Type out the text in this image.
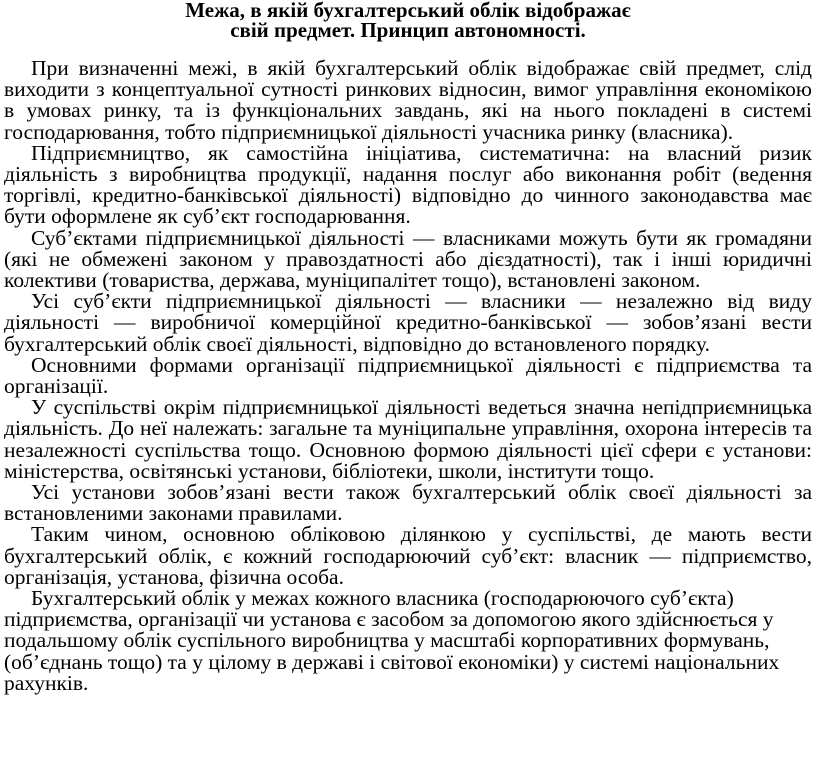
Межа, в якій бухгалтерський облік відображає
свій предмет. Принцип автономності.

При визначенні межі, в якій бухгалтерський облік відображає свій предмет, слід виходити з концептуальної сутності ринкових відносин, вимог управління економікою в умовах ринку, та із функціональних завдань, які на нього покладені в системі господарювання, тобто підприємницької діяльності учасника ринку (власника).

Підприємництво, як самостійна ініціатива, систематична: на власний ризик діяльність з виробництва продукції, надання послуг або виконання робіт (ведення торгівлі, кредитно-банківської діяльності) відповідно до чинного законодавства має бути оформлене як суб’єкт господарювання.

Суб’єктами підприємницької діяльності — власниками можуть бути як громадяни (які не обмежені законом у правоздатності або дієздатності), так і інші юридичні колективи (товариства, держава, муніципалітет тощо), встановлені законом.

Усі суб’єкти підприємницької діяльності — власники — незалежно від виду діяльності — виробничої комерційної кредитно-банківської — зобов’язані вести бухгалтерський облік своєї діяльності, відповідно до встановленого порядку.

Основними формами організації підприємницької діяльності є підприємства та організації.

У суспільстві окрім підприємницької діяльності ведеться значна непідприємницька діяльність. До неї належать: загальне та муніципальне управління, охорона інтересів та незалежності суспільства тощо. Основною формою діяльності цієї сфери є установи: міністерства, освітянські установи, бібліотеки, школи, інститути тощо.

Усі установи зобов’язані вести також бухгалтерський облік своєї діяльності за встановленими законами правилами.

Таким чином, основною обліковою ділянкою у суспільстві, де мають вести бухгалтерський облік, є кожний господарюючий суб’єкт: власник — підприємство, організація, установа, фізична особа.

Бухгалтерський облік у межах кожного власника (господарюючого суб’єкта) підприємства, організації чи установа є засобом за допомогою якого здійснюється у подальшому облік суспільного виробництва у масштабі корпоративних формувань, (об’єднань тощо) та у цілому в державі і світової економіки) у системі національних рахунків.
